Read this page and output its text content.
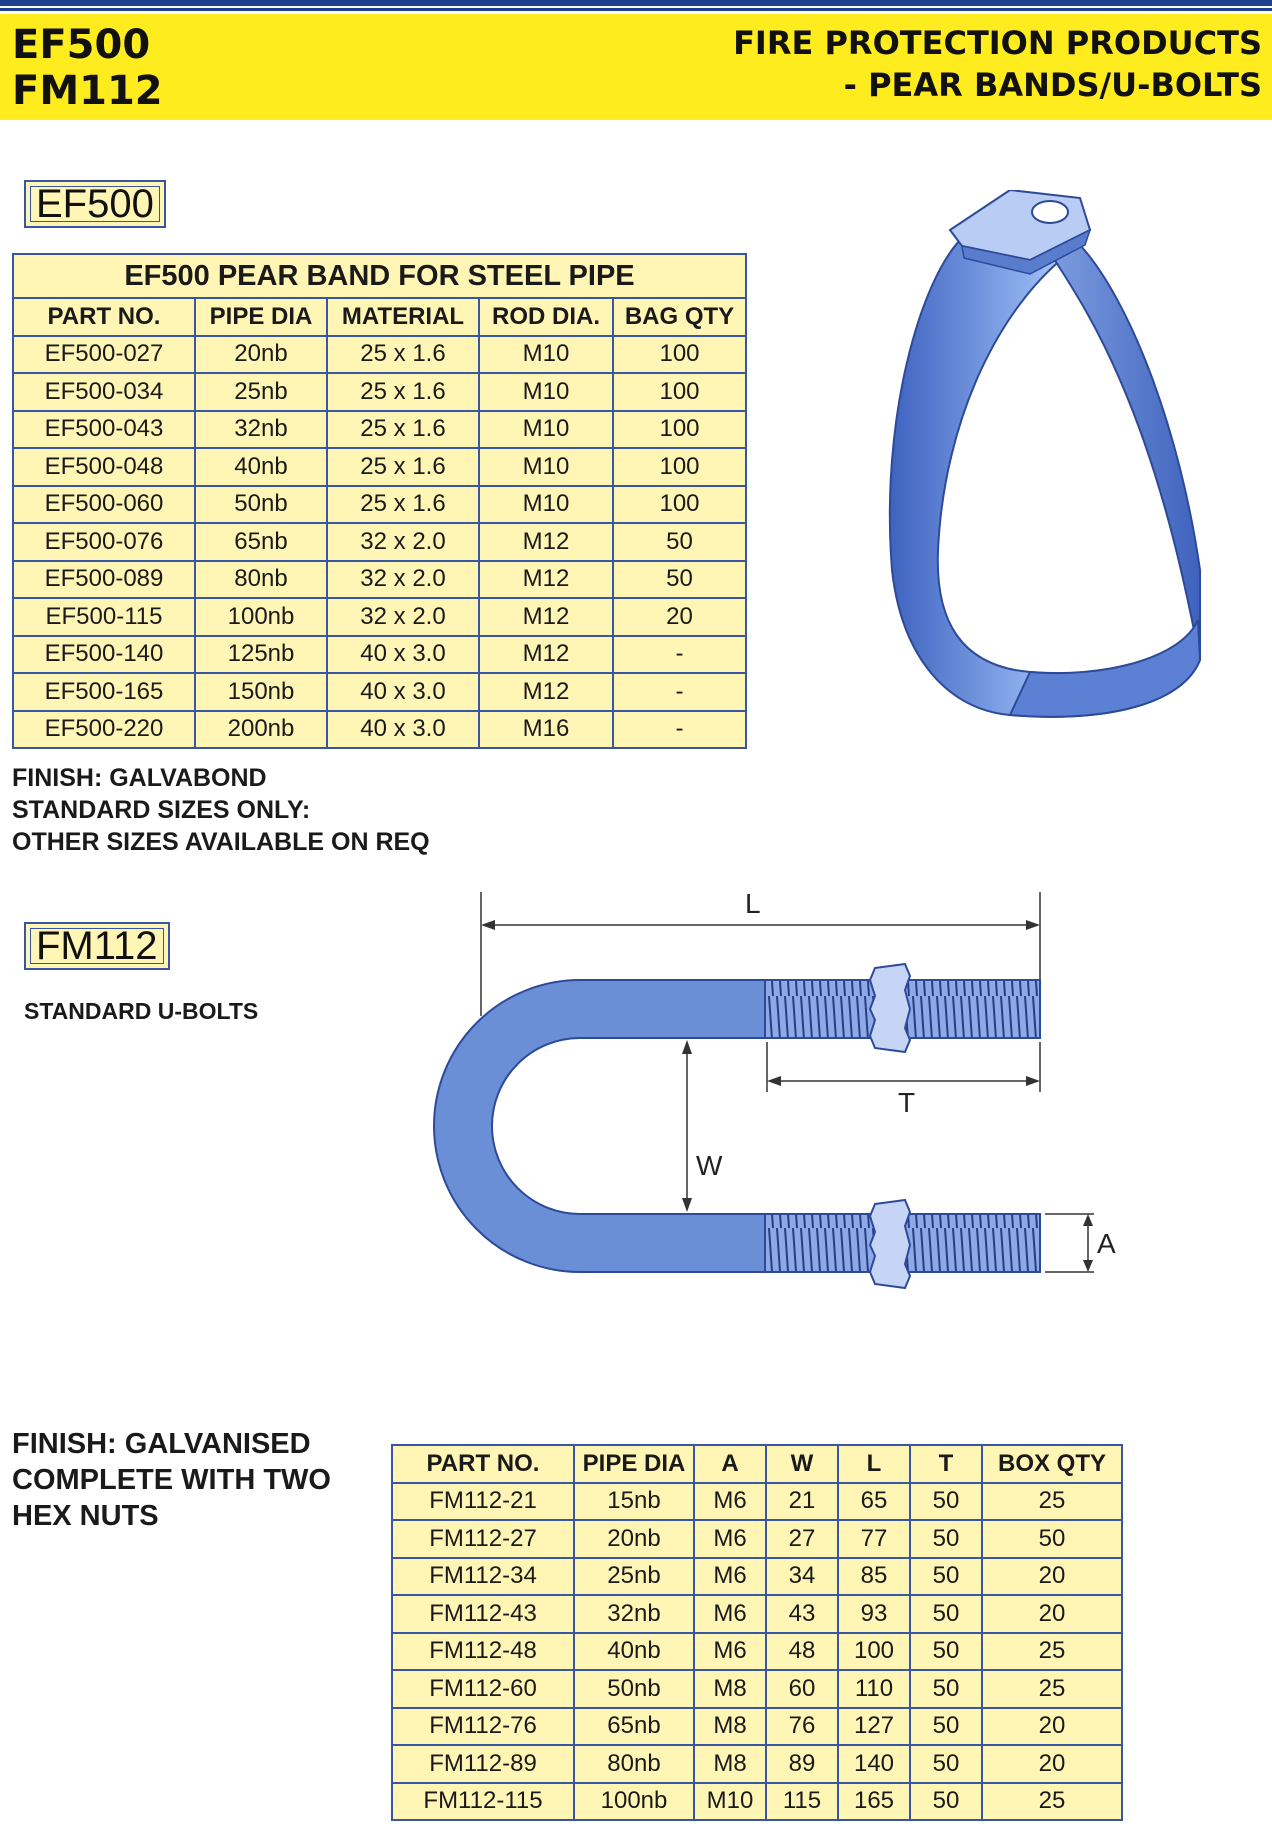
EF500
FM112
FIRE PROTECTION PRODUCTS
- PEAR BANDS/U-BOLTS
EF500
EF500 PEAR BAND FOR STEEL PIPE				
PART NO.	PIPE DIA	MATERIAL	ROD DIA.	BAG QTY
EF500-027	20nb	25 x 1.6	M10	100
EF500-034	25nb	25 x 1.6	M10	100
EF500-043	32nb	25 x 1.6	M10	100
EF500-048	40nb	25 x 1.6	M10	100
EF500-060	50nb	25 x 1.6	M10	100
EF500-076	65nb	32 x 2.0	M12	50
EF500-089	80nb	32 x 2.0	M12	50
EF500-115	100nb	32 x 2.0	M12	20
EF500-140	125nb	40 x 3.0	M12	-
EF500-165	150nb	40 x 3.0	M12	-
EF500-220	200nb	40 x 3.0	M16	-
FINISH: GALVABOND
STANDARD SIZES ONLY:
OTHER SIZES AVAILABLE ON REQ
FM112
STANDARD U-BOLTS
L
T
W
A
FINISH: GALVANISED
COMPLETE WITH TWO
HEX NUTS
PART NO.	PIPE DIA	A	W	L	T	BOX QTY
FM112-21	15nb	M6	21	65	50	25
FM112-27	20nb	M6	27	77	50	50
FM112-34	25nb	M6	34	85	50	20
FM112-43	32nb	M6	43	93	50	20
FM112-48	40nb	M6	48	100	50	25
FM112-60	50nb	M8	60	110	50	25
FM112-76	65nb	M8	76	127	50	20
FM112-89	80nb	M8	89	140	50	20
FM112-115	100nb	M10	115	165	50	25
